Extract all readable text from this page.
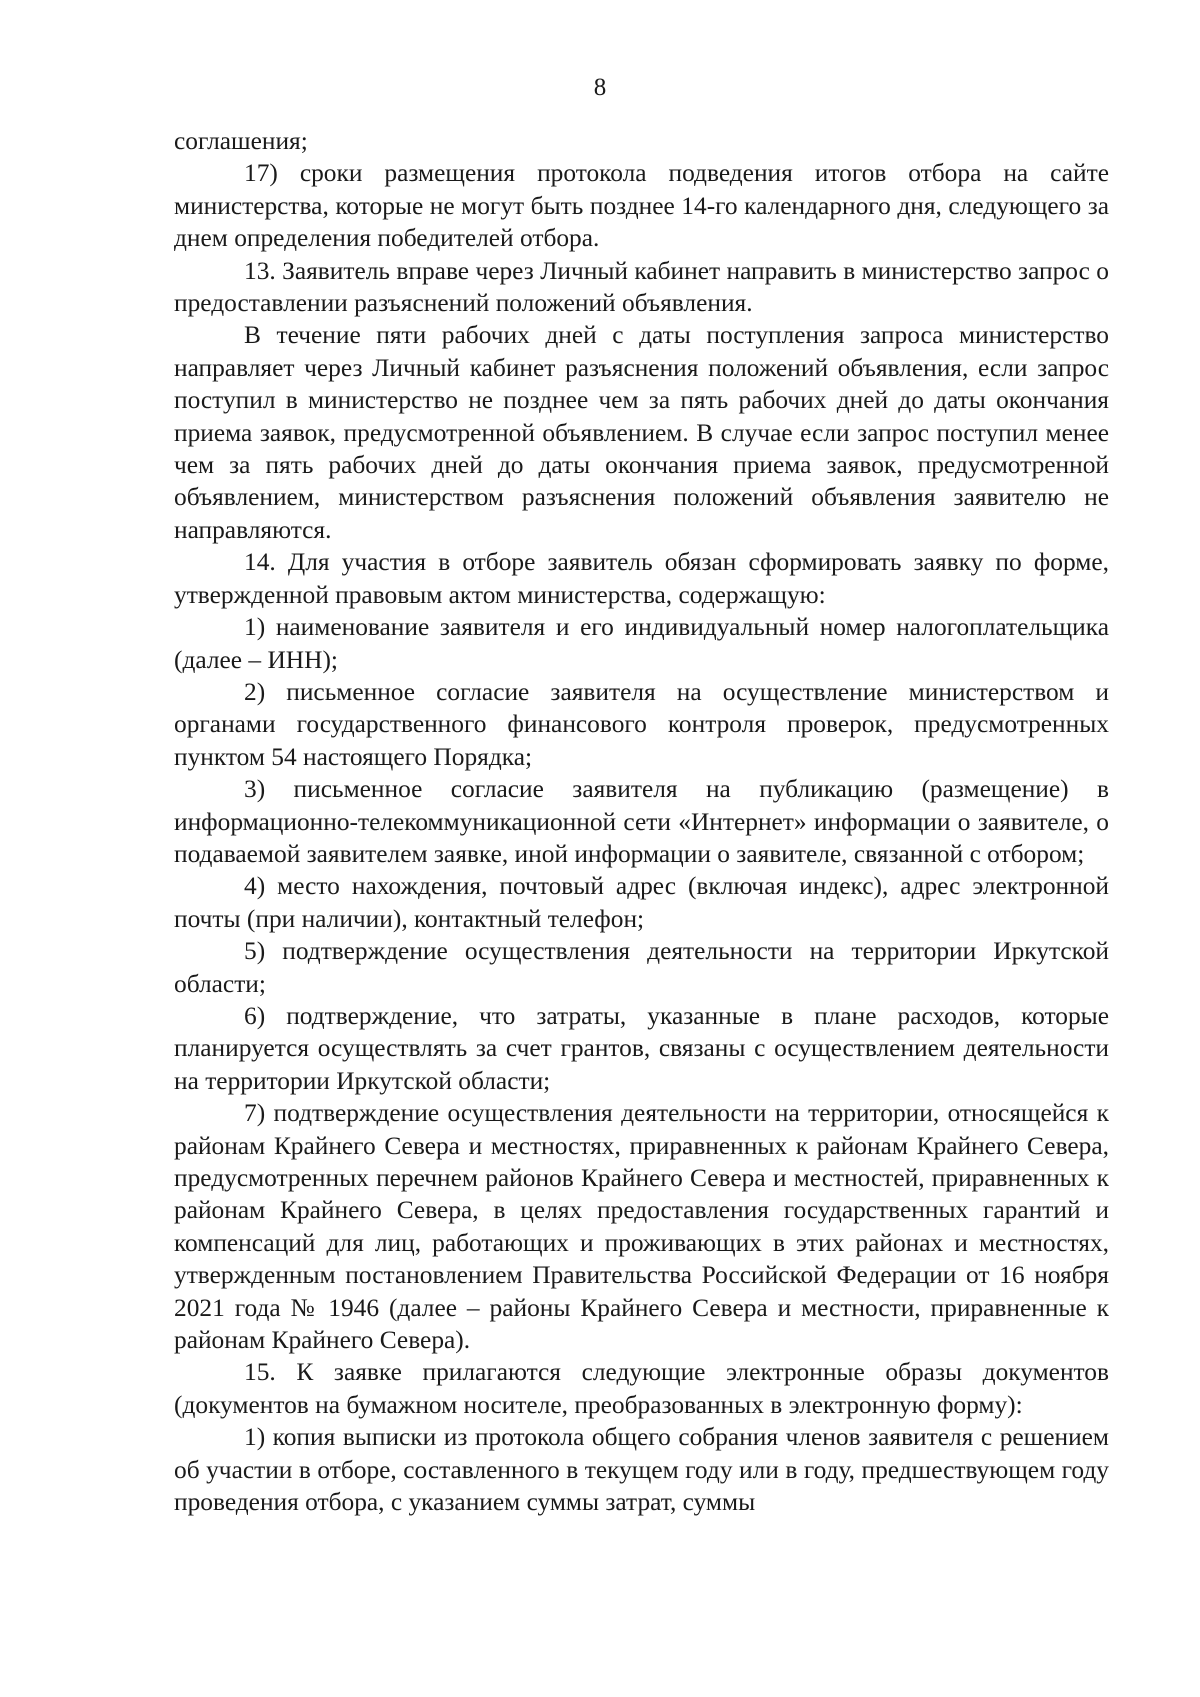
8

соглашения;

17) сроки размещения протокола подведения итогов отбора на сайте министерства, которые не могут быть позднее 14-го календарного дня, следующего за днем определения победителей отбора.

13. Заявитель вправе через Личный кабинет направить в министерство запрос о предоставлении разъяснений положений объявления.

В течение пяти рабочих дней с даты поступления запроса министерство направляет через Личный кабинет разъяснения положений объявления, если запрос поступил в министерство не позднее чем за пять рабочих дней до даты окончания приема заявок, предусмотренной объявлением. В случае если запрос поступил менее чем за пять рабочих дней до даты окончания приема заявок, предусмотренной объявлением, министерством разъяснения положений объявления заявителю не направляются.

14. Для участия в отборе заявитель обязан сформировать заявку по форме, утвержденной правовым актом министерства, содержащую:

1) наименование заявителя и его индивидуальный номер налогоплательщика (далее – ИНН);

2) письменное согласие заявителя на осуществление министерством и органами государственного финансового контроля проверок, предусмотренных пунктом 54 настоящего Порядка;

3) письменное согласие заявителя на публикацию (размещение) в информационно-телекоммуникационной сети «Интернет» информации о заявителе, о подаваемой заявителем заявке, иной информации о заявителе, связанной с отбором;

4) место нахождения, почтовый адрес (включая индекс), адрес электронной почты (при наличии), контактный телефон;

5) подтверждение осуществления деятельности на территории Иркутской области;

6) подтверждение, что затраты, указанные в плане расходов, которые планируется осуществлять за счет грантов, связаны с осуществлением деятельности на территории Иркутской области;

7) подтверждение осуществления деятельности на территории, относящейся к районам Крайнего Севера и местностях, приравненных к районам Крайнего Севера, предусмотренных перечнем районов Крайнего Севера и местностей, приравненных к районам Крайнего Севера, в целях предоставления государственных гарантий и компенсаций для лиц, работающих и проживающих в этих районах и местностях, утвержденным постановлением Правительства Российской Федерации от 16 ноября 2021 года № 1946 (далее – районы Крайнего Севера и местности, приравненные к районам Крайнего Севера).

15. К заявке прилагаются следующие электронные образы документов (документов на бумажном носителе, преобразованных в электронную форму):

1) копия выписки из протокола общего собрания членов заявителя с решением об участии в отборе, составленного в текущем году или в году, предшествующем году проведения отбора, с указанием суммы затрат, суммы
